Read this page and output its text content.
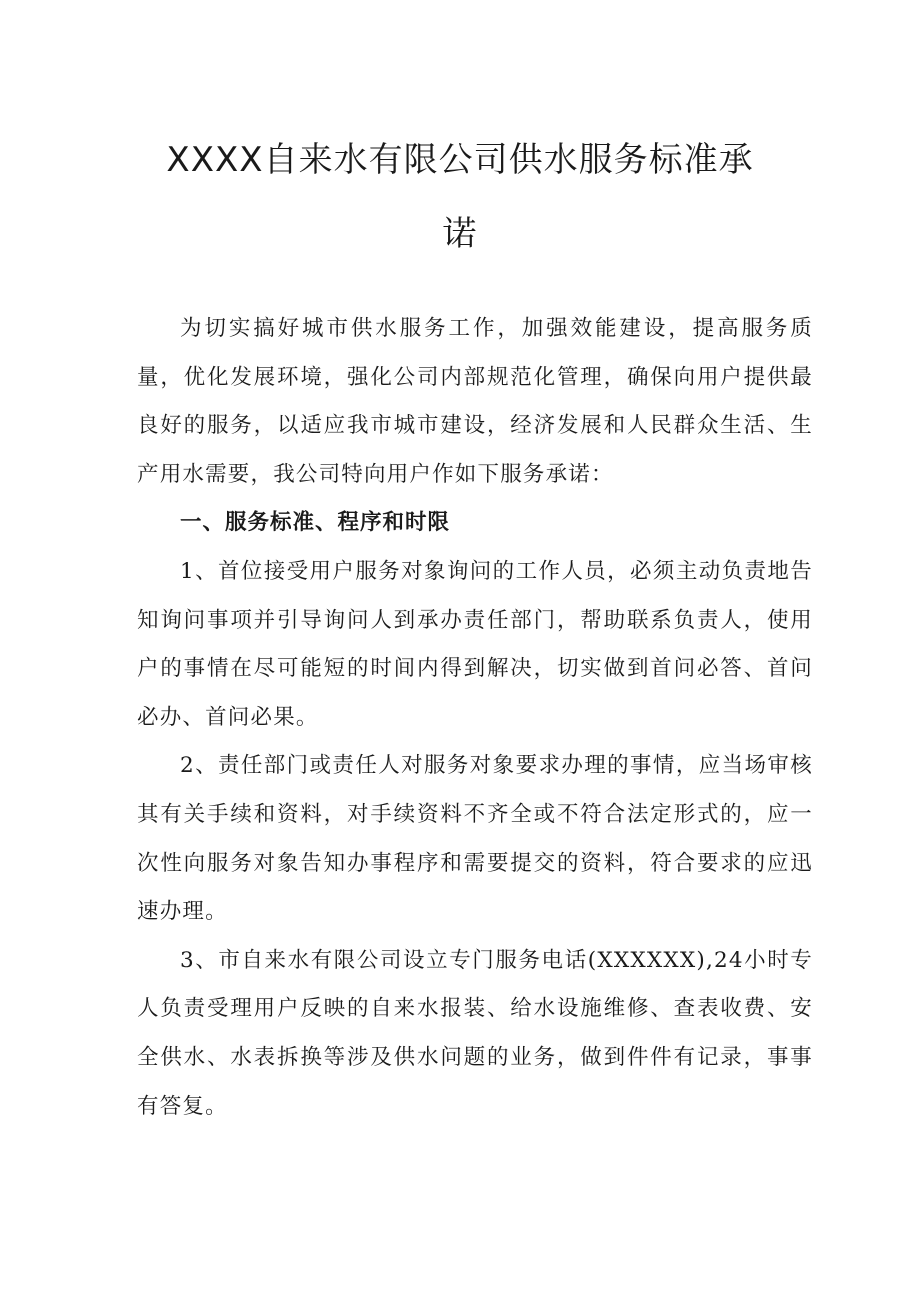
XXXX自来水有限公司供水服务标准承
诺

为切实搞好城市供水服务工作，加强效能建设，提高服务质量，优化发展环境，强化公司内部规范化管理，确保向用户提供最良好的服务，以适应我市城市建设，经济发展和人民群众生活、生产用水需要，我公司特向用户作如下服务承诺：

一、服务标准、程序和时限

1、首位接受用户服务对象询问的工作人员，必须主动负责地告知询问事项并引导询问人到承办责任部门，帮助联系负责人，使用户的事情在尽可能短的时间内得到解决，切实做到首问必答、首问必办、首问必果。

2、责任部门或责任人对服务对象要求办理的事情，应当场审核其有关手续和资料，对手续资料不齐全或不符合法定形式的，应一次性向服务对象告知办事程序和需要提交的资料，符合要求的应迅速办理。

3、市自来水有限公司设立专门服务电话(XXXXXX),24小时专人负责受理用户反映的自来水报装、给水设施维修、查表收费、安全供水、水表拆换等涉及供水问题的业务，做到件件有记录，事事有答复。
